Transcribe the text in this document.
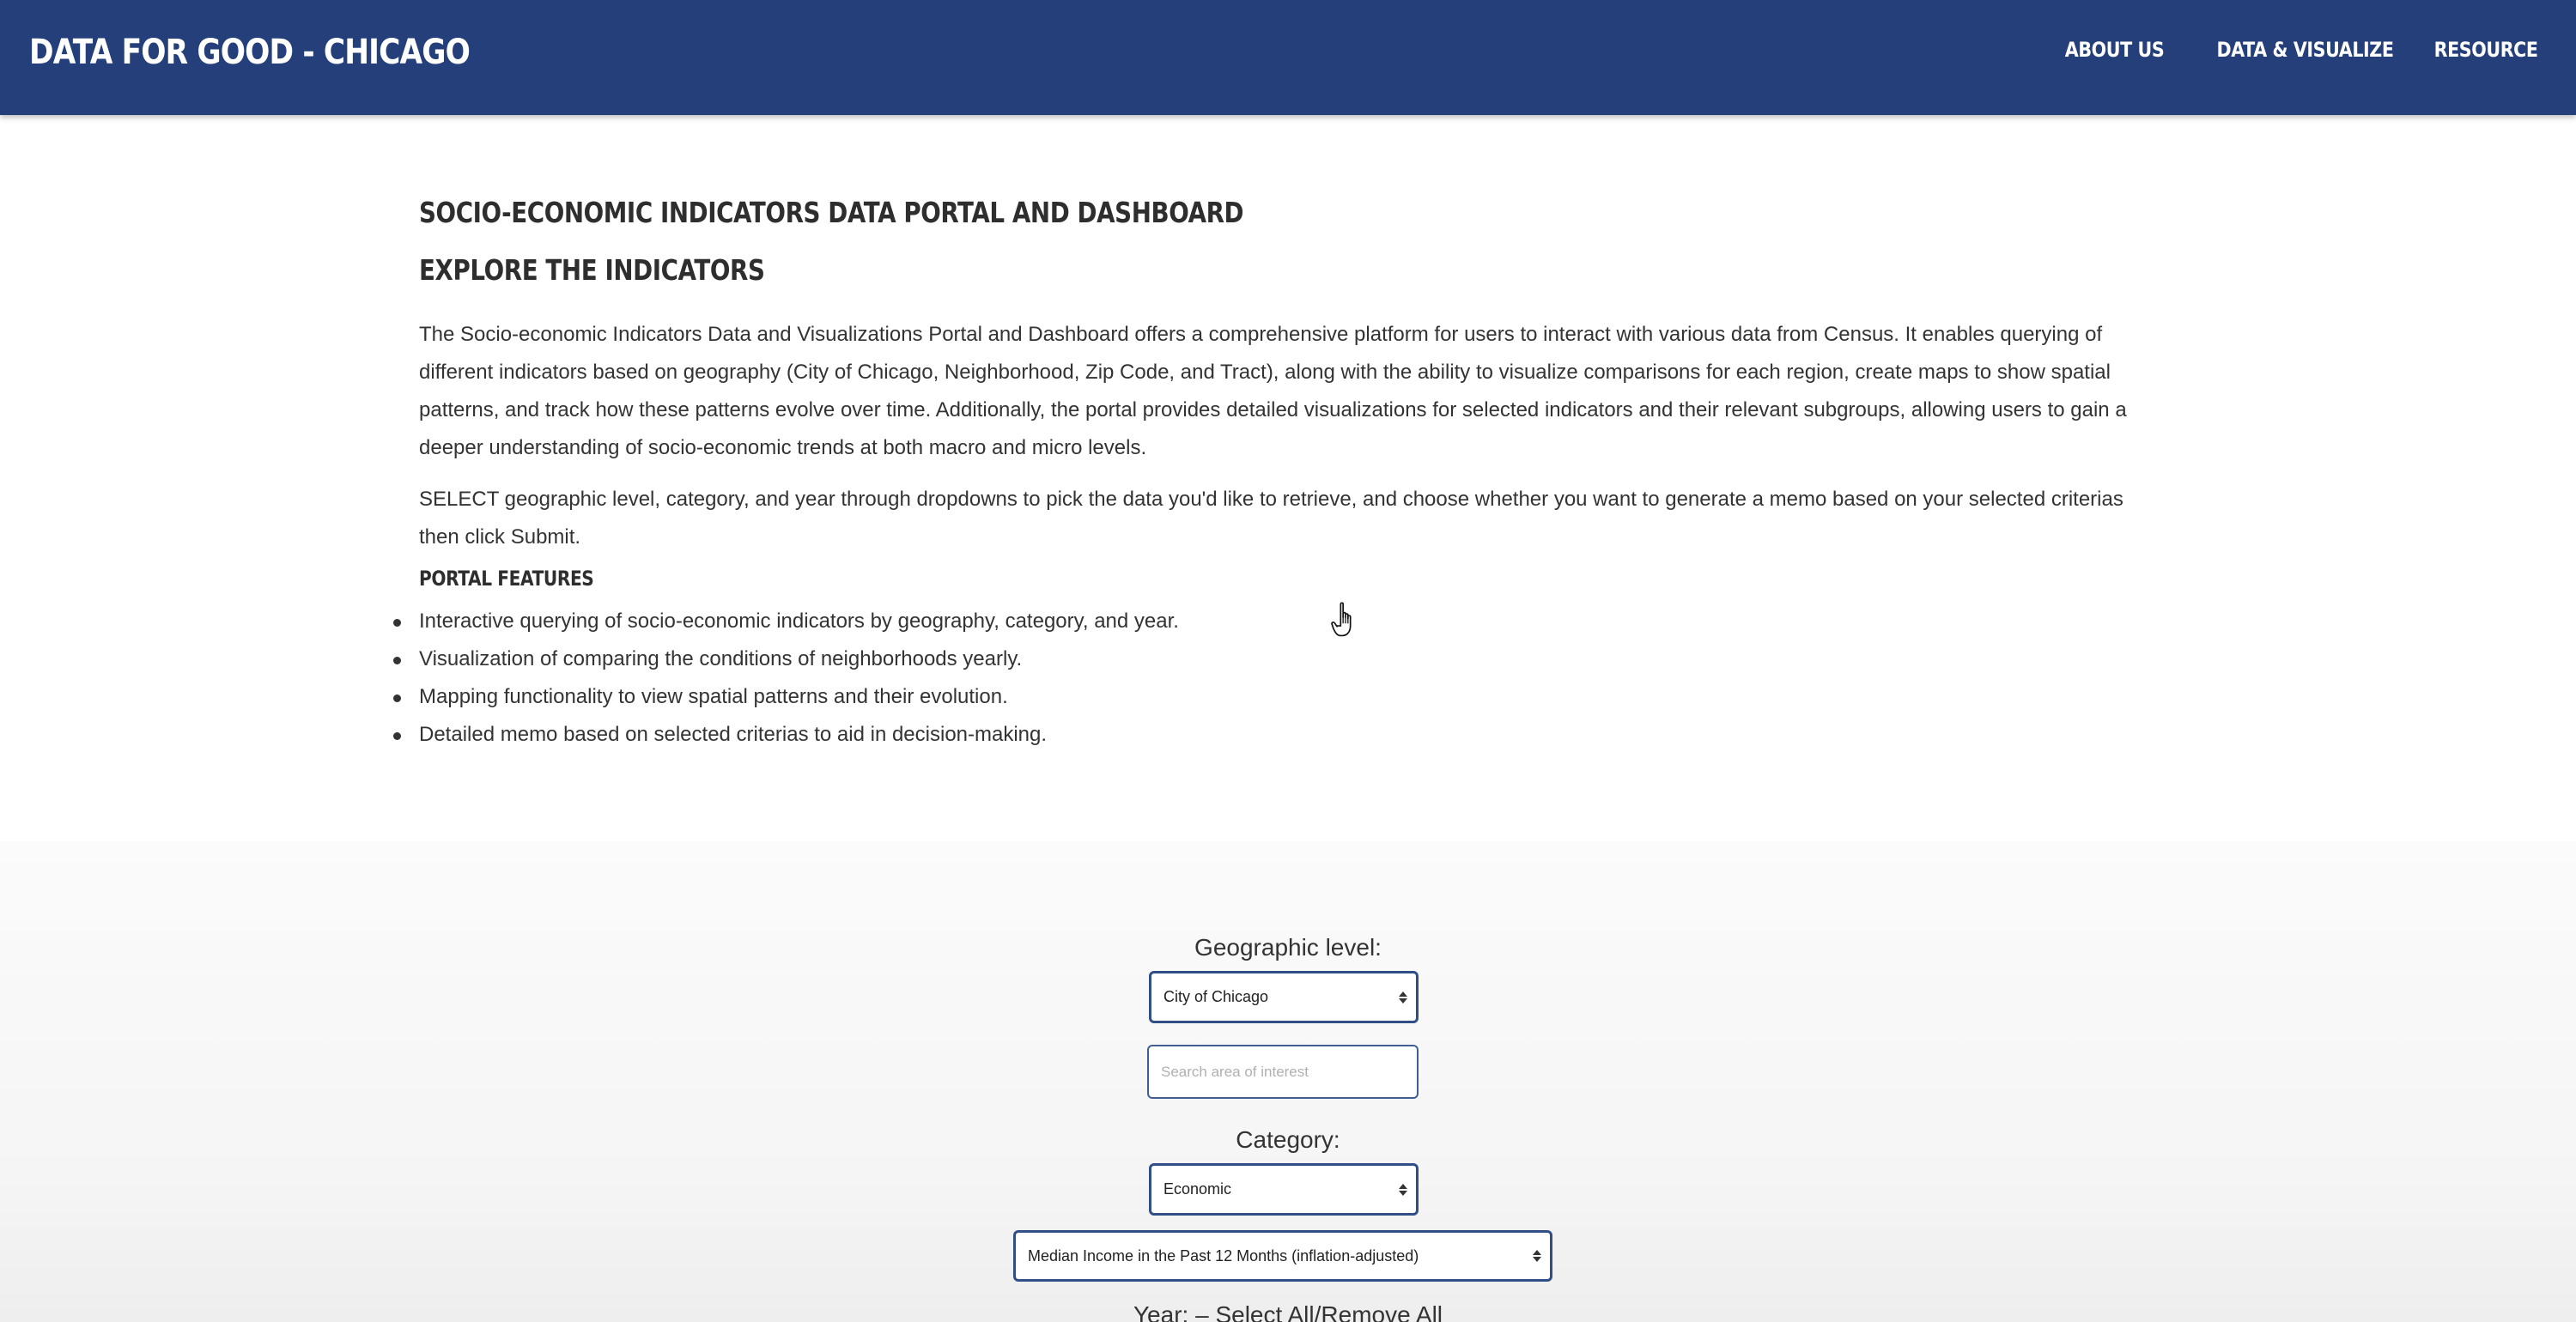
DATA FOR GOOD - CHICAGO	ABOUT US	DATA & VISUALIZE RESOURCE
SOCIO-ECONOMIC INDICATORS DATA PORTAL AND DASHBOARD
EXPLORE THE INDICATORS

The Socio-economic Indicators Data and Visualizations Portal and Dashboard offers a comprehensive platform for users to interact with various data from Census. It enables querying of different indicators based on geography (City of Chicago, Neighborhood, Zip Code, and Tract), along with the ability to visualize comparisons for each region, create maps to show spatial patterns, and track how these patterns evolve over time. Additionally, the portal provides detailed visualizations for selected indicators and their relevant subgroups, allowing users to gain a deeper understanding of socio-economic trends at both macro and micro levels.

SELECT geographic level, category, and year through dropdowns to pick the data you'd like to retrieve, and choose whether you want to generate a memo based on your selected criterias then click Submit.

PORTAL FEATURES
Interactive querying of socio-economic indicators by geography, category, and year.
Visualization of comparing the conditions of neighborhoods yearly.
Mapping functionality to view spatial patterns and their evolution.
Detailed memo based on selected criterias to aid in decision-making.
Geographic level:
City of Chicago
Search area of interest
Category:
Economic
Median Income in the Past 12 Months (inflation-adjusted)
Year: – Select All/Remove All
